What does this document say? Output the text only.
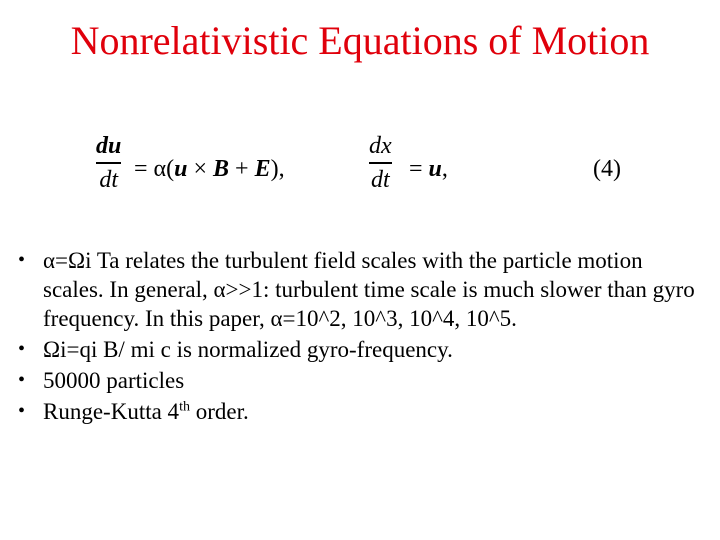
Nonrelativistic Equations of Motion
du
dt = α(u × B + E),
dx
dt = u,	(4)
• α=Ωi Ta relates the turbulent field scales with the particle motion scales. In general, α>>1: turbulent time scale is much slower than gyro frequency. In this paper, α=10^2, 10^3, 10^4, 10^5.
• Ωi=qi B/ mi c is normalized gyro-frequency.
• 50000 particles
• Runge-Kutta 4th order.
